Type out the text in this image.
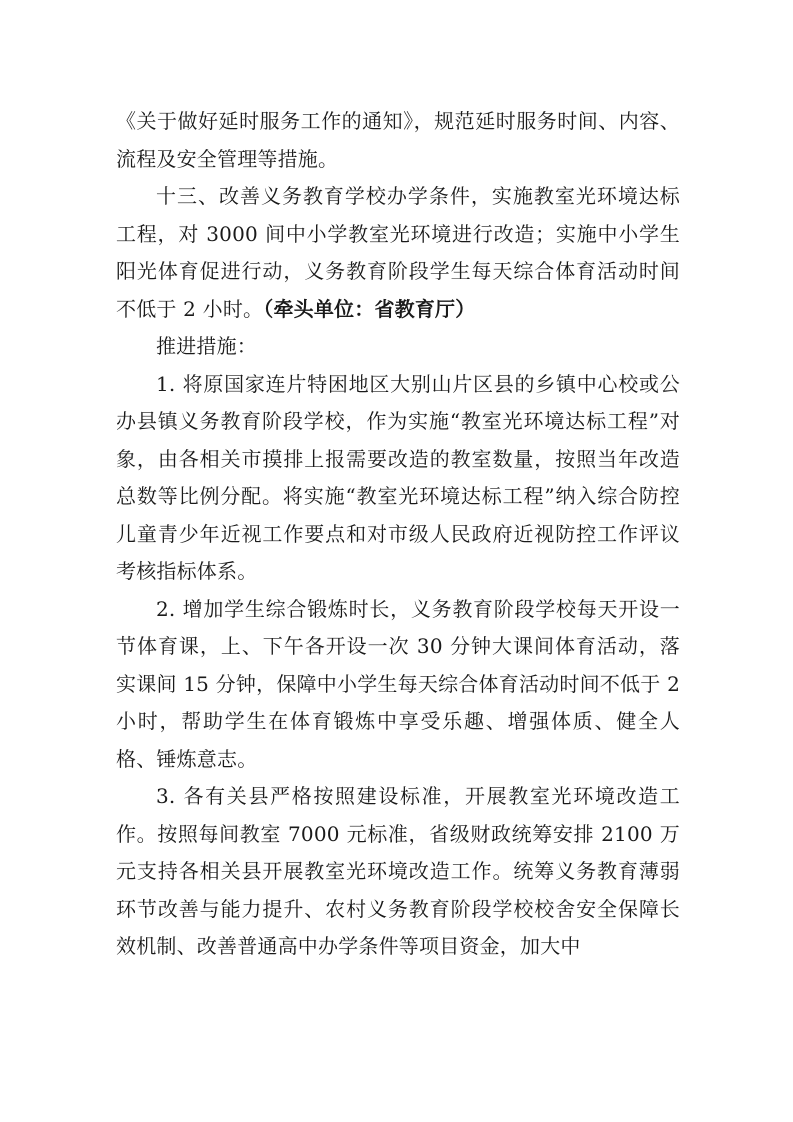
《关于做好延时服务工作的通知》，规范延时服务时间、内容、流程及安全管理等措施。

十三、改善义务教育学校办学条件，实施教室光环境达标工程，对 3000 间中小学教室光环境进行改造；实施中小学生阳光体育促进行动，义务教育阶段学生每天综合体育活动时间不低于 2 小时。（牵头单位：省教育厅）

推进措施：

1. 将原国家连片特困地区大别山片区县的乡镇中心校或公办县镇义务教育阶段学校，作为实施“教室光环境达标工程”对象，由各相关市摸排上报需要改造的教室数量，按照当年改造总数等比例分配。将实施“教室光环境达标工程”纳入综合防控儿童青少年近视工作要点和对市级人民政府近视防控工作评议考核指标体系。

2. 增加学生综合锻炼时长，义务教育阶段学校每天开设一节体育课，上、下午各开设一次 30 分钟大课间体育活动，落实课间 15 分钟，保障中小学生每天综合体育活动时间不低于 2 小时，帮助学生在体育锻炼中享受乐趣、增强体质、健全人格、锤炼意志。

3. 各有关县严格按照建设标准，开展教室光环境改造工作。按照每间教室 7000 元标准，省级财政统筹安排 2100 万元支持各相关县开展教室光环境改造工作。统筹义务教育薄弱环节改善与能力提升、农村义务教育阶段学校校舍安全保障长效机制、改善普通高中办学条件等项目资金，加大中
